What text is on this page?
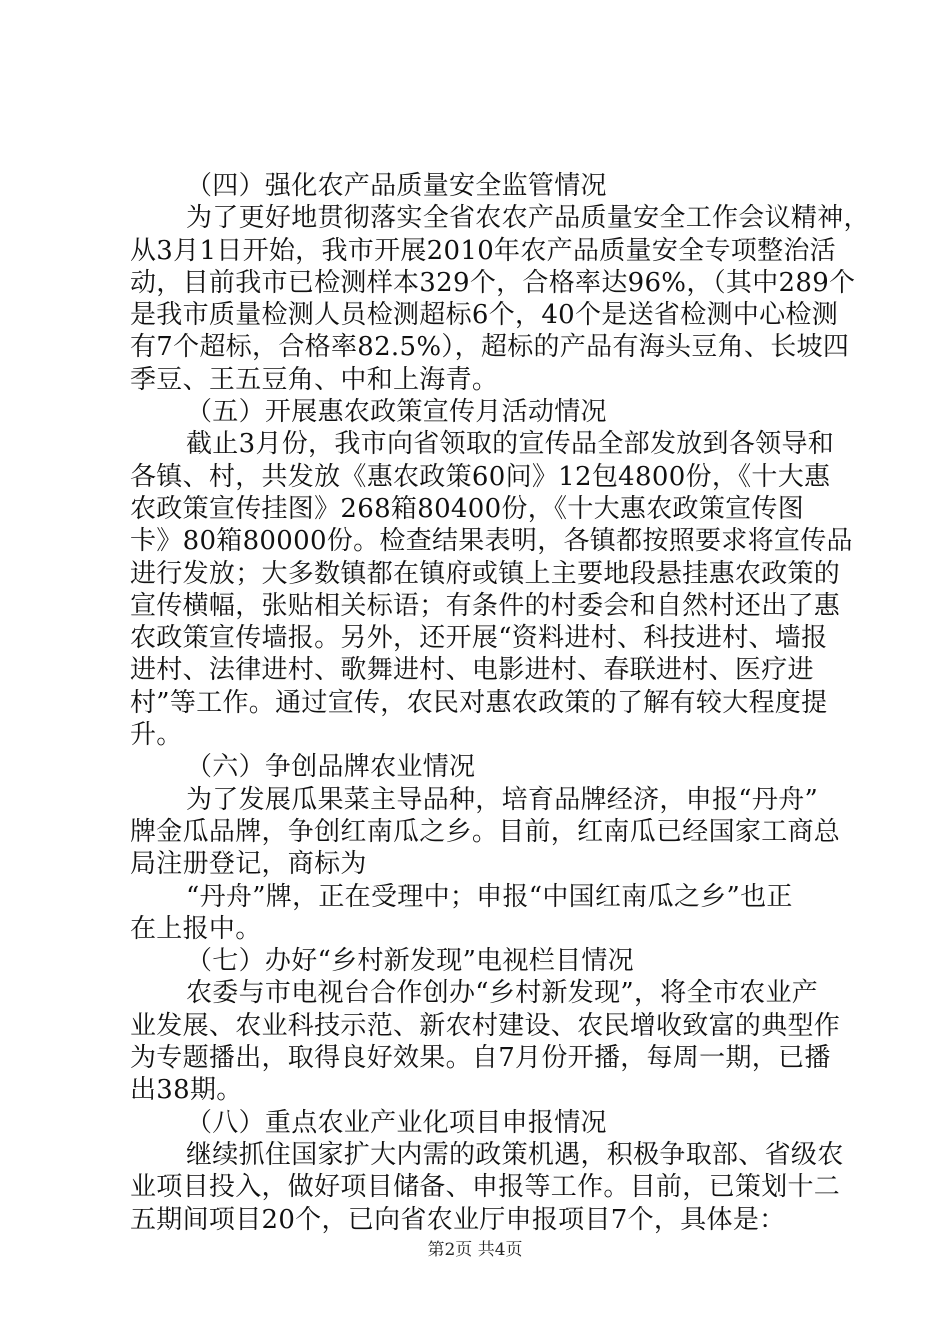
（四）强化农产品质量安全监管情况
为了更好地贯彻落实全省农农产品质量安全工作会议精神，
从3月1日开始，我市开展2010年农产品质量安全专项整治活
动，目前我市已检测样本329个，合格率达96%，（其中289个
是我市质量检测人员检测超标6个，40个是送省检测中心检测
有7个超标，合格率82.5%），超标的产品有海头豆角、长坡四
季豆、王五豆角、中和上海青。
（五）开展惠农政策宣传月活动情况
截止3月份，我市向省领取的宣传品全部发放到各领导和
各镇、村，共发放《惠农政策60问》12包4800份，《十大惠
农政策宣传挂图》268箱80400份，《十大惠农政策宣传图
卡》80箱80000份。检查结果表明，各镇都按照要求将宣传品
进行发放；大多数镇都在镇府或镇上主要地段悬挂惠农政策的
宣传横幅，张贴相关标语；有条件的村委会和自然村还出了惠
农政策宣传墙报。另外，还开展“资料进村、科技进村、墙报
进村、法律进村、歌舞进村、电影进村、春联进村、医疗进
村”等工作。通过宣传，农民对惠农政策的了解有较大程度提
升。
（六）争创品牌农业情况
为了发展瓜果菜主导品种，培育品牌经济，申报“丹舟”
牌金瓜品牌，争创红南瓜之乡。目前，红南瓜已经国家工商总
局注册登记，商标为
“丹舟”牌，正在受理中；申报“中国红南瓜之乡”也正
在上报中。
（七）办好“乡村新发现”电视栏目情况
农委与市电视台合作创办“乡村新发现”，将全市农业产
业发展、农业科技示范、新农村建设、农民增收致富的典型作
为专题播出，取得良好效果。自7月份开播，每周一期，已播
出38期。
（八）重点农业产业化项目申报情况
继续抓住国家扩大内需的政策机遇，积极争取部、省级农
业项目投入，做好项目储备、申报等工作。目前，已策划十二
五期间项目20个，已向省农业厅申报项目7个，具体是：
第2页 共4页
